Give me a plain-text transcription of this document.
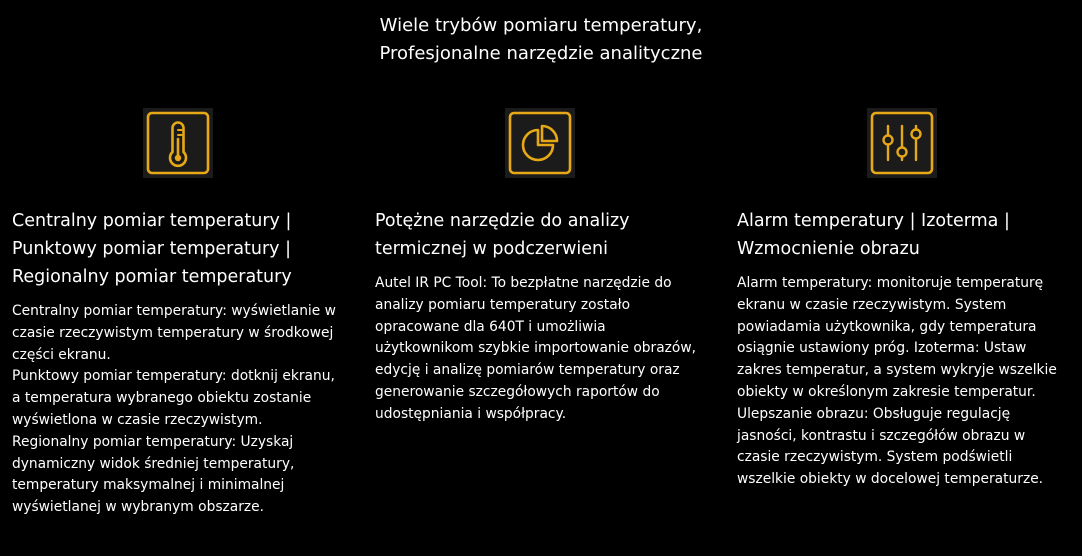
Wiele trybów pomiaru temperatury,
Profesjonalne narzędzie analityczne
Centralny pomiar temperatury |
Punktowy pomiar temperatury |
Regionalny pomiar temperatury
Centralny pomiar temperatury: wyświetlanie w
czasie rzeczywistym temperatury w środkowej
części ekranu.
Punktowy pomiar temperatury: dotknij ekranu,
a temperatura wybranego obiektu zostanie
wyświetlona w czasie rzeczywistym.
Regionalny pomiar temperatury: Uzyskaj
dynamiczny widok średniej temperatury,
temperatury maksymalnej i minimalnej
wyświetlanej w wybranym obszarze.
Potężne narzędzie do analizy
termicznej w podczerwieni
Autel IR PC Tool: To bezpłatne narzędzie do
analizy pomiaru temperatury zostało
opracowane dla 640T i umożliwia
użytkownikom szybkie importowanie obrazów,
edycję i analizę pomiarów temperatury oraz
generowanie szczegółowych raportów do
udostępniania i współpracy.
Alarm temperatury | Izoterma |
Wzmocnienie obrazu
Alarm temperatury: monitoruje temperaturę
ekranu w czasie rzeczywistym. System
powiadamia użytkownika, gdy temperatura
osiągnie ustawiony próg. Izoterma: Ustaw
zakres temperatur, a system wykryje wszelkie
obiekty w określonym zakresie temperatur.
Ulepszanie obrazu: Obsługuje regulację
jasności, kontrastu i szczegółów obrazu w
czasie rzeczywistym. System podświetli
wszelkie obiekty w docelowej temperaturze.
